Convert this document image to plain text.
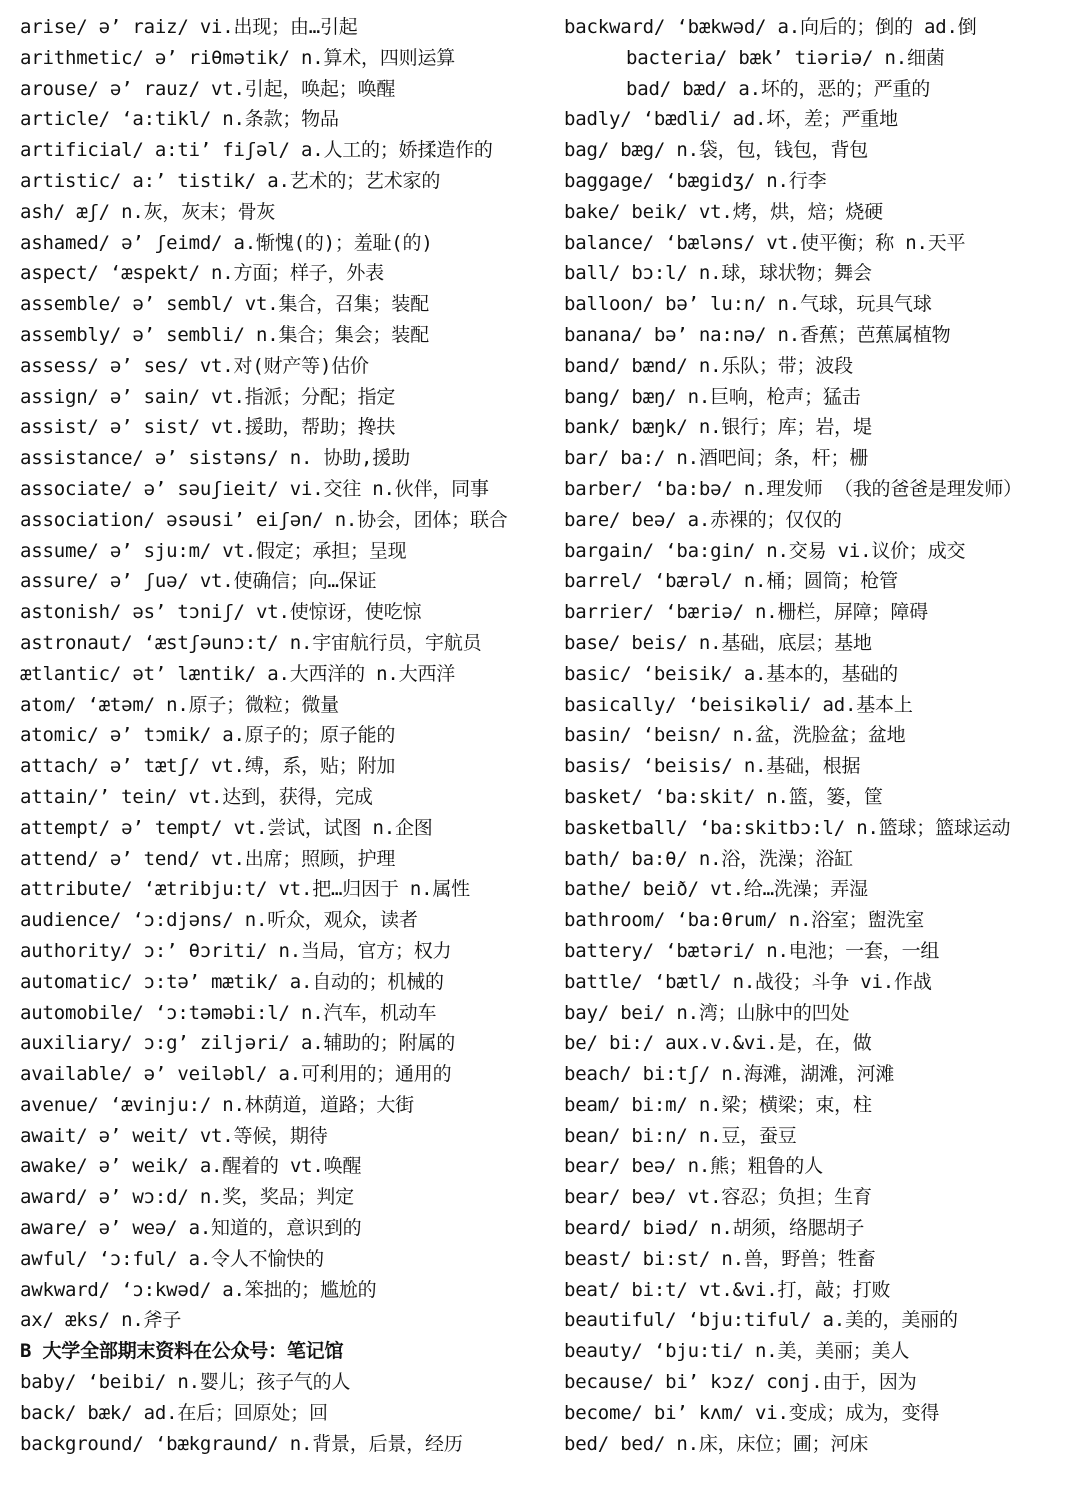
arise/ ə’ raiz/ vi.出现；由…引起
arithmetic/ ə’ riθmətik/ n.算术，四则运算
arouse/ ə’ rauz/ vt.引起，唤起；唤醒
article/ ‘a:tikl/ n.条款；物品
artificial/ a:ti’ fiʃəl/ a.人工的；娇揉造作的
artistic/ a:’ tistik/ a.艺术的；艺术家的
ash/ æʃ/ n.灰，灰末；骨灰
ashamed/ ə’ ʃeimd/ a.惭愧(的)；羞耻(的)
aspect/ ‘æspekt/ n.方面；样子，外表
assemble/ ə’ sembl/ vt.集合，召集；装配
assembly/ ə’ sembli/ n.集合；集会；装配
assess/ ə’ ses/ vt.对(财产等)估价
assign/ ə’ sain/ vt.指派；分配；指定
assist/ ə’ sist/ vt.援助，帮助；搀扶
assistance/ ə’ sistəns/ n. 协助,援助
associate/ ə’ səuʃieit/ vi.交往 n.伙伴，同事
association/ əsəusi’ eiʃən/ n.协会，团体；联合
assume/ ə’ sju:m/ vt.假定；承担；呈现
assure/ ə’ ʃuə/ vt.使确信；向…保证
astonish/ əs’ tɔniʃ/ vt.使惊讶，使吃惊
astronaut/ ‘æstʃəunɔ:t/ n.宇宙航行员，宇航员
ætlantic/ ət’ læntik/ a.大西洋的 n.大西洋
atom/ ‘ætəm/ n.原子；微粒；微量
atomic/ ə’ tɔmik/ a.原子的；原子能的
attach/ ə’ tætʃ/ vt.缚，系，贴；附加
attain/’ tein/ vt.达到，获得，完成
attempt/ ə’ tempt/ vt.尝试，试图 n.企图
attend/ ə’ tend/ vt.出席；照顾，护理
attribute/ ‘ætribju:t/ vt.把…归因于 n.属性
audience/ ‘ɔ:djəns/ n.听众，观众，读者
authority/ ɔ:’ θɔriti/ n.当局，官方；权力
automatic/ ɔ:tə’ mætik/ a.自动的；机械的
automobile/ ‘ɔ:təməbi:l/ n.汽车，机动车
auxiliary/ ɔ:g’ ziljəri/ a.辅助的；附属的
available/ ə’ veiləbl/ a.可利用的；通用的
avenue/ ‘ævinju:/ n.林荫道，道路；大街
await/ ə’ weit/ vt.等候，期待
awake/ ə’ weik/ a.醒着的 vt.唤醒
award/ ə’ wɔ:d/ n.奖，奖品；判定
aware/ ə’ weə/ a.知道的，意识到的
awful/ ‘ɔ:ful/ a.令人不愉快的
awkward/ ‘ɔ:kwəd/ a.笨拙的；尴尬的
ax/ æks/ n.斧子
B 大学全部期末资料在公众号：笔记馆
baby/ ‘beibi/ n.婴儿；孩子气的人
back/ bæk/ ad.在后；回原处；回
background/ ‘bækgraund/ n.背景，后景，经历
backward/ ‘bækwəd/ a.向后的；倒的 ad.倒
bacteria/ bæk’ tiəriə/ n.细菌
bad/ bæd/ a.坏的，恶的；严重的
badly/ ‘bædli/ ad.坏，差；严重地
bag/ bæg/ n.袋，包，钱包，背包
baggage/ ‘bægidʒ/ n.行李
bake/ beik/ vt.烤，烘，焙；烧硬
balance/ ‘bæləns/ vt.使平衡；称 n.天平
ball/ bɔ:l/ n.球，球状物；舞会
balloon/ bə’ lu:n/ n.气球，玩具气球
banana/ bə’ na:nə/ n.香蕉；芭蕉属植物
band/ bænd/ n.乐队；带；波段
bang/ bæŋ/ n.巨响，枪声；猛击
bank/ bæŋk/ n.银行；库；岩，堤
bar/ ba:/ n.酒吧间；条，杆；栅
barber/ ‘ba:bə/ n.理发师 （我的爸爸是理发师）
bare/ beə/ a.赤裸的；仅仅的
bargain/ ‘ba:gin/ n.交易 vi.议价；成交
barrel/ ‘bærəl/ n.桶；圆筒；枪管
barrier/ ‘bæriə/ n.栅栏，屏障；障碍
base/ beis/ n.基础，底层；基地
basic/ ‘beisik/ a.基本的，基础的
basically/ ‘beisikəli/ ad.基本上
basin/ ‘beisn/ n.盆，洗脸盆；盆地
basis/ ‘beisis/ n.基础，根据
basket/ ‘ba:skit/ n.篮，篓，筐
basketball/ ‘ba:skitbɔ:l/ n.篮球；篮球运动
bath/ ba:θ/ n.浴，洗澡；浴缸
bathe/ beið/ vt.给…洗澡；弄湿
bathroom/ ‘ba:θrum/ n.浴室；盥洗室
battery/ ‘bætəri/ n.电池；一套，一组
battle/ ‘bætl/ n.战役；斗争 vi.作战
bay/ bei/ n.湾；山脉中的凹处
be/ bi:/ aux.v.&vi.是，在，做
beach/ bi:tʃ/ n.海滩，湖滩，河滩
beam/ bi:m/ n.梁；横梁；束，柱
bean/ bi:n/ n.豆，蚕豆
bear/ beə/ n.熊；粗鲁的人
bear/ beə/ vt.容忍；负担；生育
beard/ biəd/ n.胡须，络腮胡子
beast/ bi:st/ n.兽，野兽；牲畜
beat/ bi:t/ vt.&vi.打，敲；打败
beautiful/ ‘bju:tiful/ a.美的，美丽的
beauty/ ‘bju:ti/ n.美，美丽；美人
because/ bi’ kɔz/ conj.由于，因为
become/ bi’ kʌm/ vi.变成；成为，变得
bed/ bed/ n.床，床位；圃；河床
